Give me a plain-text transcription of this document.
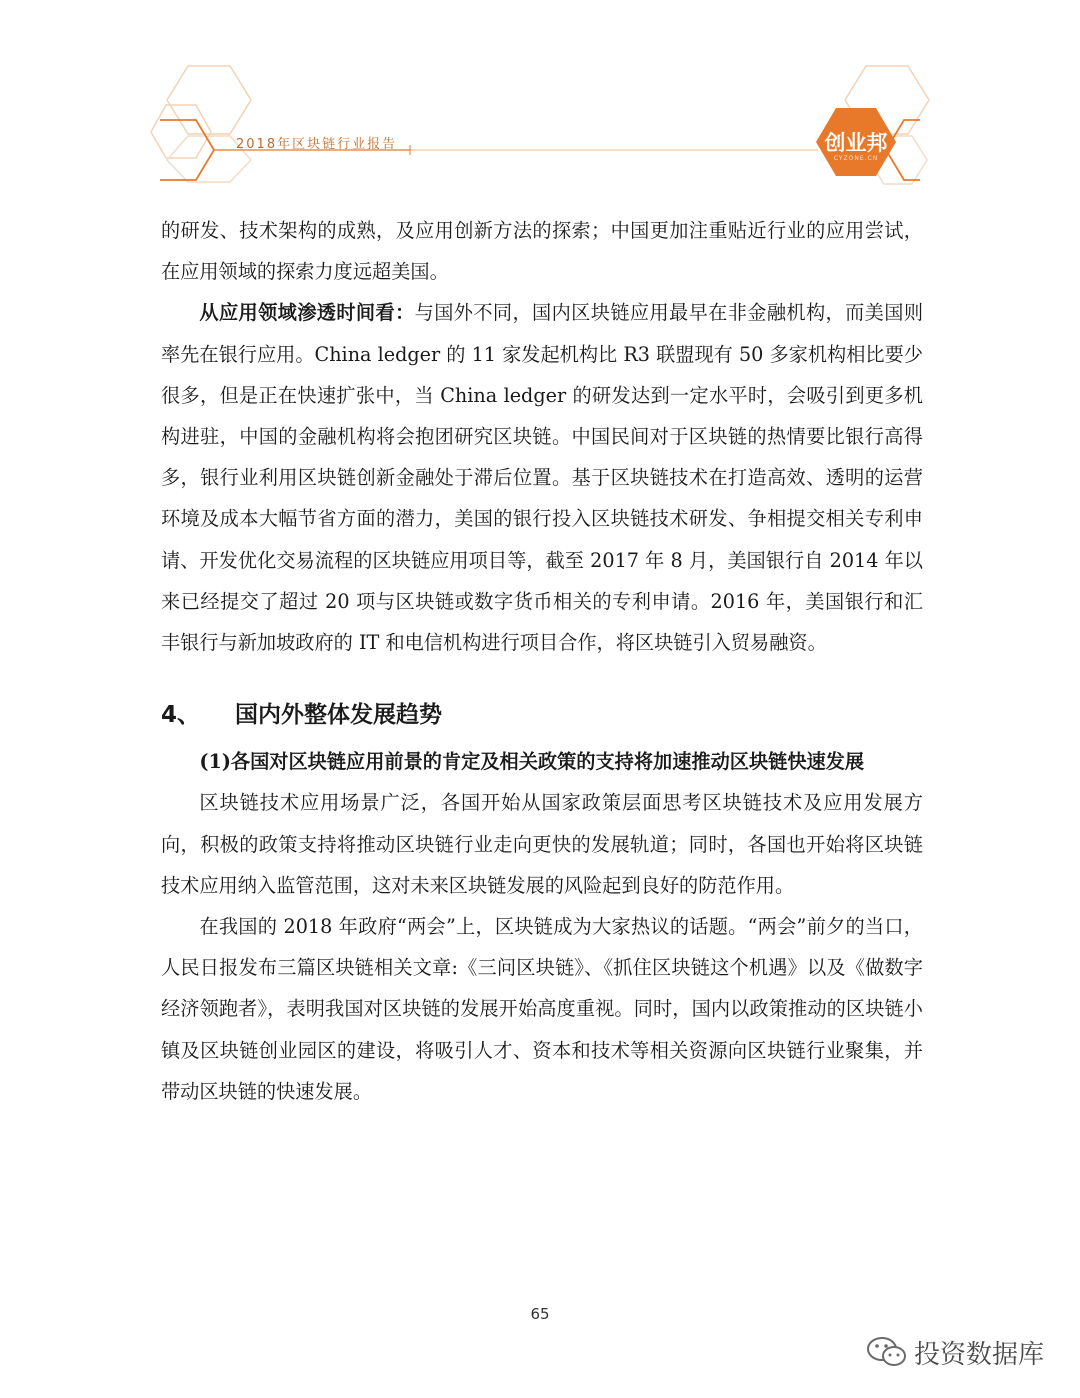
2018年区块链行业报告	创业邦
CYZONE.CN

的研发、技术架构的成熟，及应用创新方法的探索；中国更加注重贴近行业的应用尝试，在应用领域的探索力度远超美国。

从应用领域渗透时间看：与国外不同，国内区块链应用最早在非金融机构，而美国则率先在银行应用。China ledger 的 11 家发起机构比 R3 联盟现有 50 多家机构相比要少很多，但是正在快速扩张中，当 China ledger 的研发达到一定水平时，会吸引到更多机构进驻，中国的金融机构将会抱团研究区块链。中国民间对于区块链的热情要比银行高得多，银行业利用区块链创新金融处于滞后位置。基于区块链技术在打造高效、透明的运营环境及成本大幅节省方面的潜力，美国的银行投入区块链技术研发、争相提交相关专利申请、开发优化交易流程的区块链应用项目等，截至 2017 年 8 月，美国银行自 2014 年以来已经提交了超过 20 项与区块链或数字货币相关的专利申请。2016 年，美国银行和汇丰银行与新加坡政府的 IT 和电信机构进行项目合作，将区块链引入贸易融资。

4、 国内外整体发展趋势

(1)各国对区块链应用前景的肯定及相关政策的支持将加速推动区块链快速发展

区块链技术应用场景广泛，各国开始从国家政策层面思考区块链技术及应用发展方向，积极的政策支持将推动区块链行业走向更快的发展轨道；同时，各国也开始将区块链技术应用纳入监管范围，这对未来区块链发展的风险起到良好的防范作用。

在我国的 2018 年政府“两会”上，区块链成为大家热议的话题。“两会”前夕的当口，人民日报发布三篇区块链相关文章:《三问区块链》、《抓住区块链这个机遇》以及《做数字经济领跑者》，表明我国对区块链的发展开始高度重视。同时，国内以政策推动的区块链小镇及区块链创业园区的建设，将吸引人才、资本和技术等相关资源向区块链行业聚集，并带动区块链的快速发展。

65
投资数据库
